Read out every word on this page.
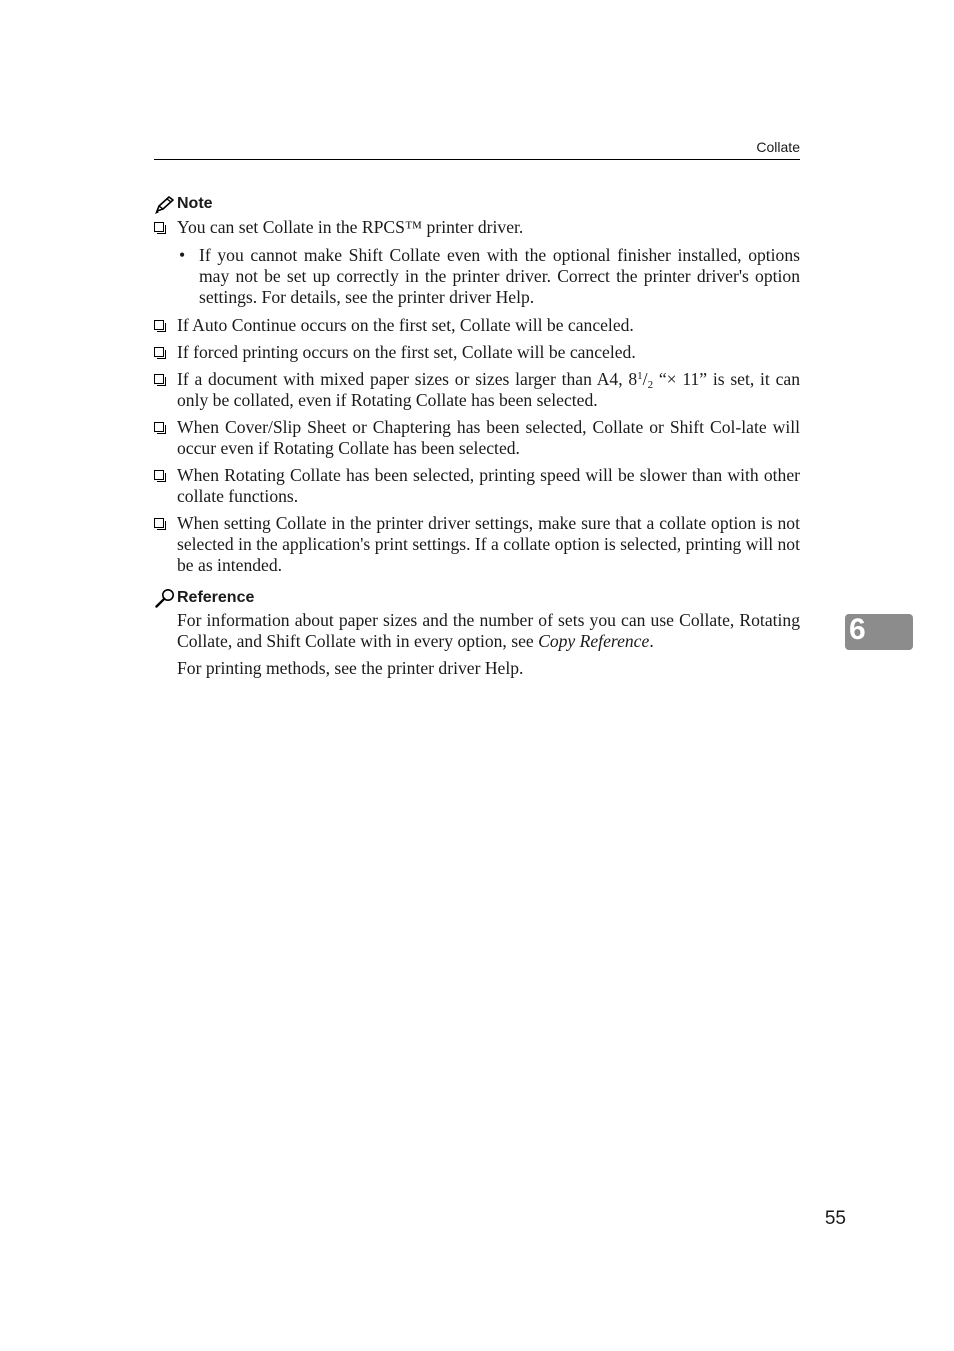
Collate
Note
You can set Collate in the RPCS™ printer driver.
• If you cannot make Shift Collate even with the optional finisher installed, options may not be set up correctly in the printer driver. Correct the printer driver's option settings. For details, see the printer driver Help.
If Auto Continue occurs on the first set, Collate will be canceled.
If forced printing occurs on the first set, Collate will be canceled.
If a document with mixed paper sizes or sizes larger than A4, $8^1/_2$ “× 11” is set, it can only be collated, even if Rotating Collate has been selected.
When Cover/Slip Sheet or Chaptering has been selected, Collate or Shift Col-late will occur even if Rotating Collate has been selected.
When Rotating Collate has been selected, printing speed will be slower than with other collate functions.
When setting Collate in the printer driver settings, make sure that a collate option is not selected in the application's print settings. If a collate option is selected, printing will not be as intended.
Reference
For information about paper sizes and the number of sets you can use Collate, Rotating Collate, and Shift Collate with in every option, see Copy Reference.
For printing methods, see the printer driver Help.
6
55
